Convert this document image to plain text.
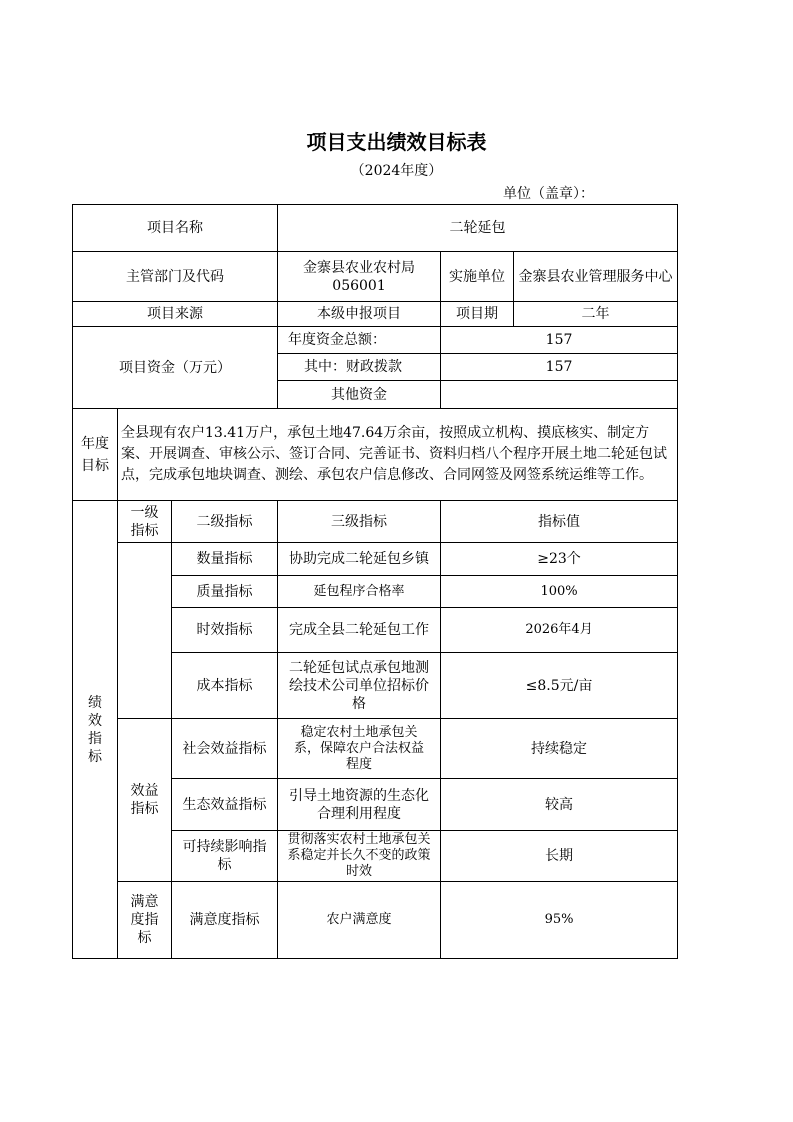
项目支出绩效目标表
（2024年度）
单位（盖章）：
项目名称			二轮延包	
主管部门及代码			金寨县农业农村局056001	实施单位 金寨县农业管理服务中心

项目来源			本级申报项目	项目期 二年

项目资金（万元）			年度资金总额：	157
			其中：财政拨款	157
			其他资金	
年度目标	全县现有农户13.41万户，承包土地47.64万余亩，按照成立机构、摸底核实、制定方案、开展调查、审核公示、签订合同、完善证书、资料归档八个程序开展土地二轮延包试点，完成承包地块调查、测绘、承包农户信息修改、合同网签及网签系统运维等工作。			
绩效指标	一级指标	二级指标	三级指标	指标值
		数量指标	协助完成二轮延包乡镇	≥23个
		质量指标	延包程序合格率	100%
		时效指标	完成全县二轮延包工作	2026年4月
		成本指标	二轮延包试点承包地测绘技术公司单位招标价格	≤8.5元/亩
	效益指标	社会效益指标	稳定农村土地承包关系，保障农户合法权益程度	持续稳定
		生态效益指标	引导土地资源的生态化合理利用程度	较高
		可持续影响指标	贯彻落实农村土地承包关系稳定并长久不变的政策时效	长期
	满意度指标	满意度指标	农户满意度	95%
